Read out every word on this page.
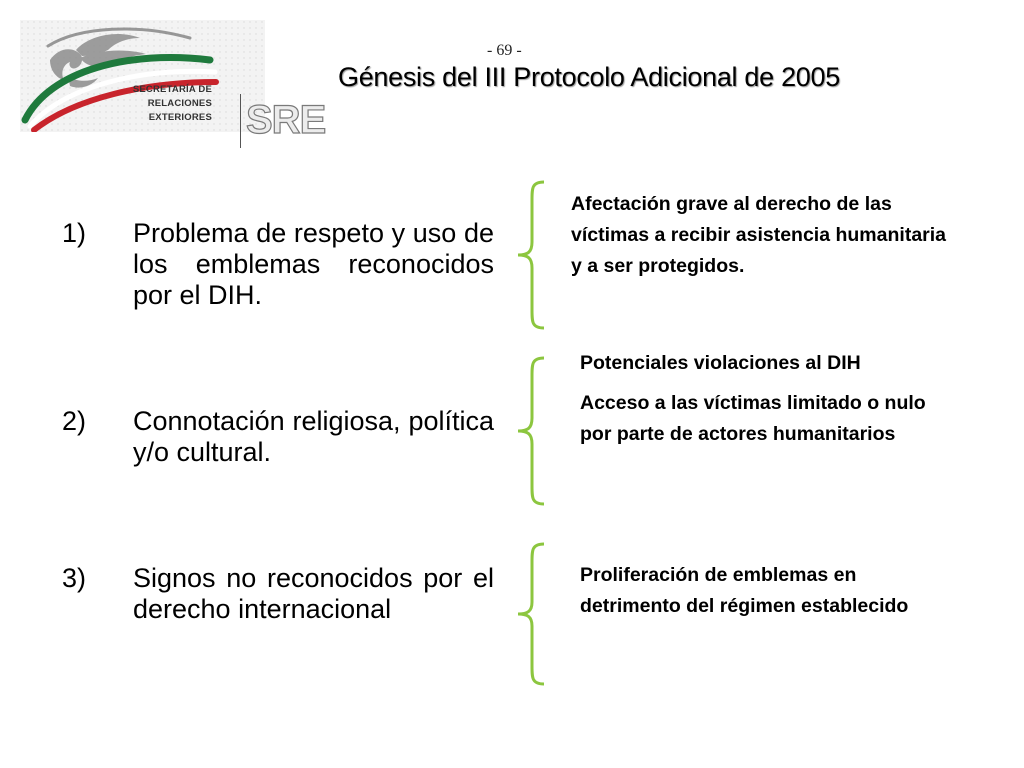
SECRETARÍA DE
RELACIONES
EXTERIORES SRE
- 69 -
Génesis del III Protocolo Adicional de 2005
1) Problema de respeto y uso de los emblemas reconocidos por el DIH.
2) Connotación religiosa, política y/o cultural.
3) Signos no reconocidos por el derecho internacional

Afectación grave al derecho de las víctimas a recibir asistencia humanitaria y a ser protegidos.

Potenciales violaciones al DIH

Acceso a las víctimas limitado o nulo por parte de actores humanitarios

Proliferación de emblemas en detrimento del régimen establecido
